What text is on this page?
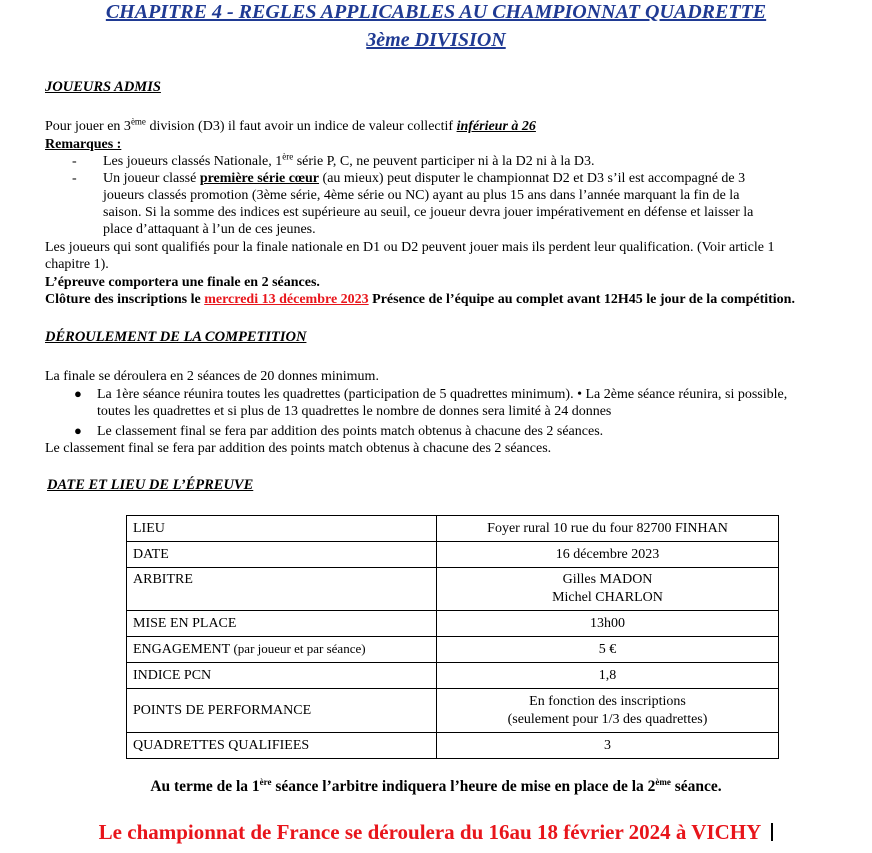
CHAPITRE 4 - REGLES APPLICABLES AU CHAMPIONNAT QUADRETTE
3ème DIVISION
JOUEURS ADMIS
Pour jouer en 3ème division (D3) il faut avoir un indice de valeur collectif inférieur à 26
Remarques :
- Les joueurs classés Nationale, 1ère série P, C, ne peuvent participer ni à la D2 ni à la D3.
- Un joueur classé première série cœur (au mieux) peut disputer le championnat D2 et D3 s’il est accompagné de 3
joueurs classés promotion (3ème série, 4ème série ou NC) ayant au plus 15 ans dans l’année marquant la fin de la
saison. Si la somme des indices est supérieure au seuil, ce joueur devra jouer impérativement en défense et laisser la
place d’attaquant à l’un de ces jeunes.
Les joueurs qui sont qualifiés pour la finale nationale en D1 ou D2 peuvent jouer mais ils perdent leur qualification. (Voir article 1
chapitre 1).
L’épreuve comportera une finale en 2 séances.
Clôture des inscriptions le mercredi 13 décembre 2023 Présence de l’équipe au complet avant 12H45 le jour de la compétition.
DÉROULEMENT DE LA COMPETITION
La finale se déroulera en 2 séances de 20 donnes minimum.
● La 1ère séance réunira toutes les quadrettes (participation de 5 quadrettes minimum). • La 2ème séance réunira, si possible,
toutes les quadrettes et si plus de 13 quadrettes le nombre de donnes sera limité à 24 donnes
● Le classement final se fera par addition des points match obtenus à chacune des 2 séances.
Le classement final se fera par addition des points match obtenus à chacune des 2 séances.
DATE ET LIEU DE L’ÉPREUVE
LIEU	Foyer rural 10 rue du four 82700 FINHAN
DATE	16 décembre 2023
ARBITRE	Gilles MADON
Michel CHARLON

MISE EN PLACE	13h00
ENGAGEMENT (par joueur et par séance)	5 €
INDICE PCN	1,8
POINTS DE PERFORMANCE	En fonction des inscriptions
(seulement pour 1/3 des quadrettes)

QUADRETTES QUALIFIEES	3
Au terme de la 1ère séance l’arbitre indiquera l’heure de mise en place de la 2ème séance.
Le championnat de France se déroulera du 16au 18 février 2024 à VICHY
